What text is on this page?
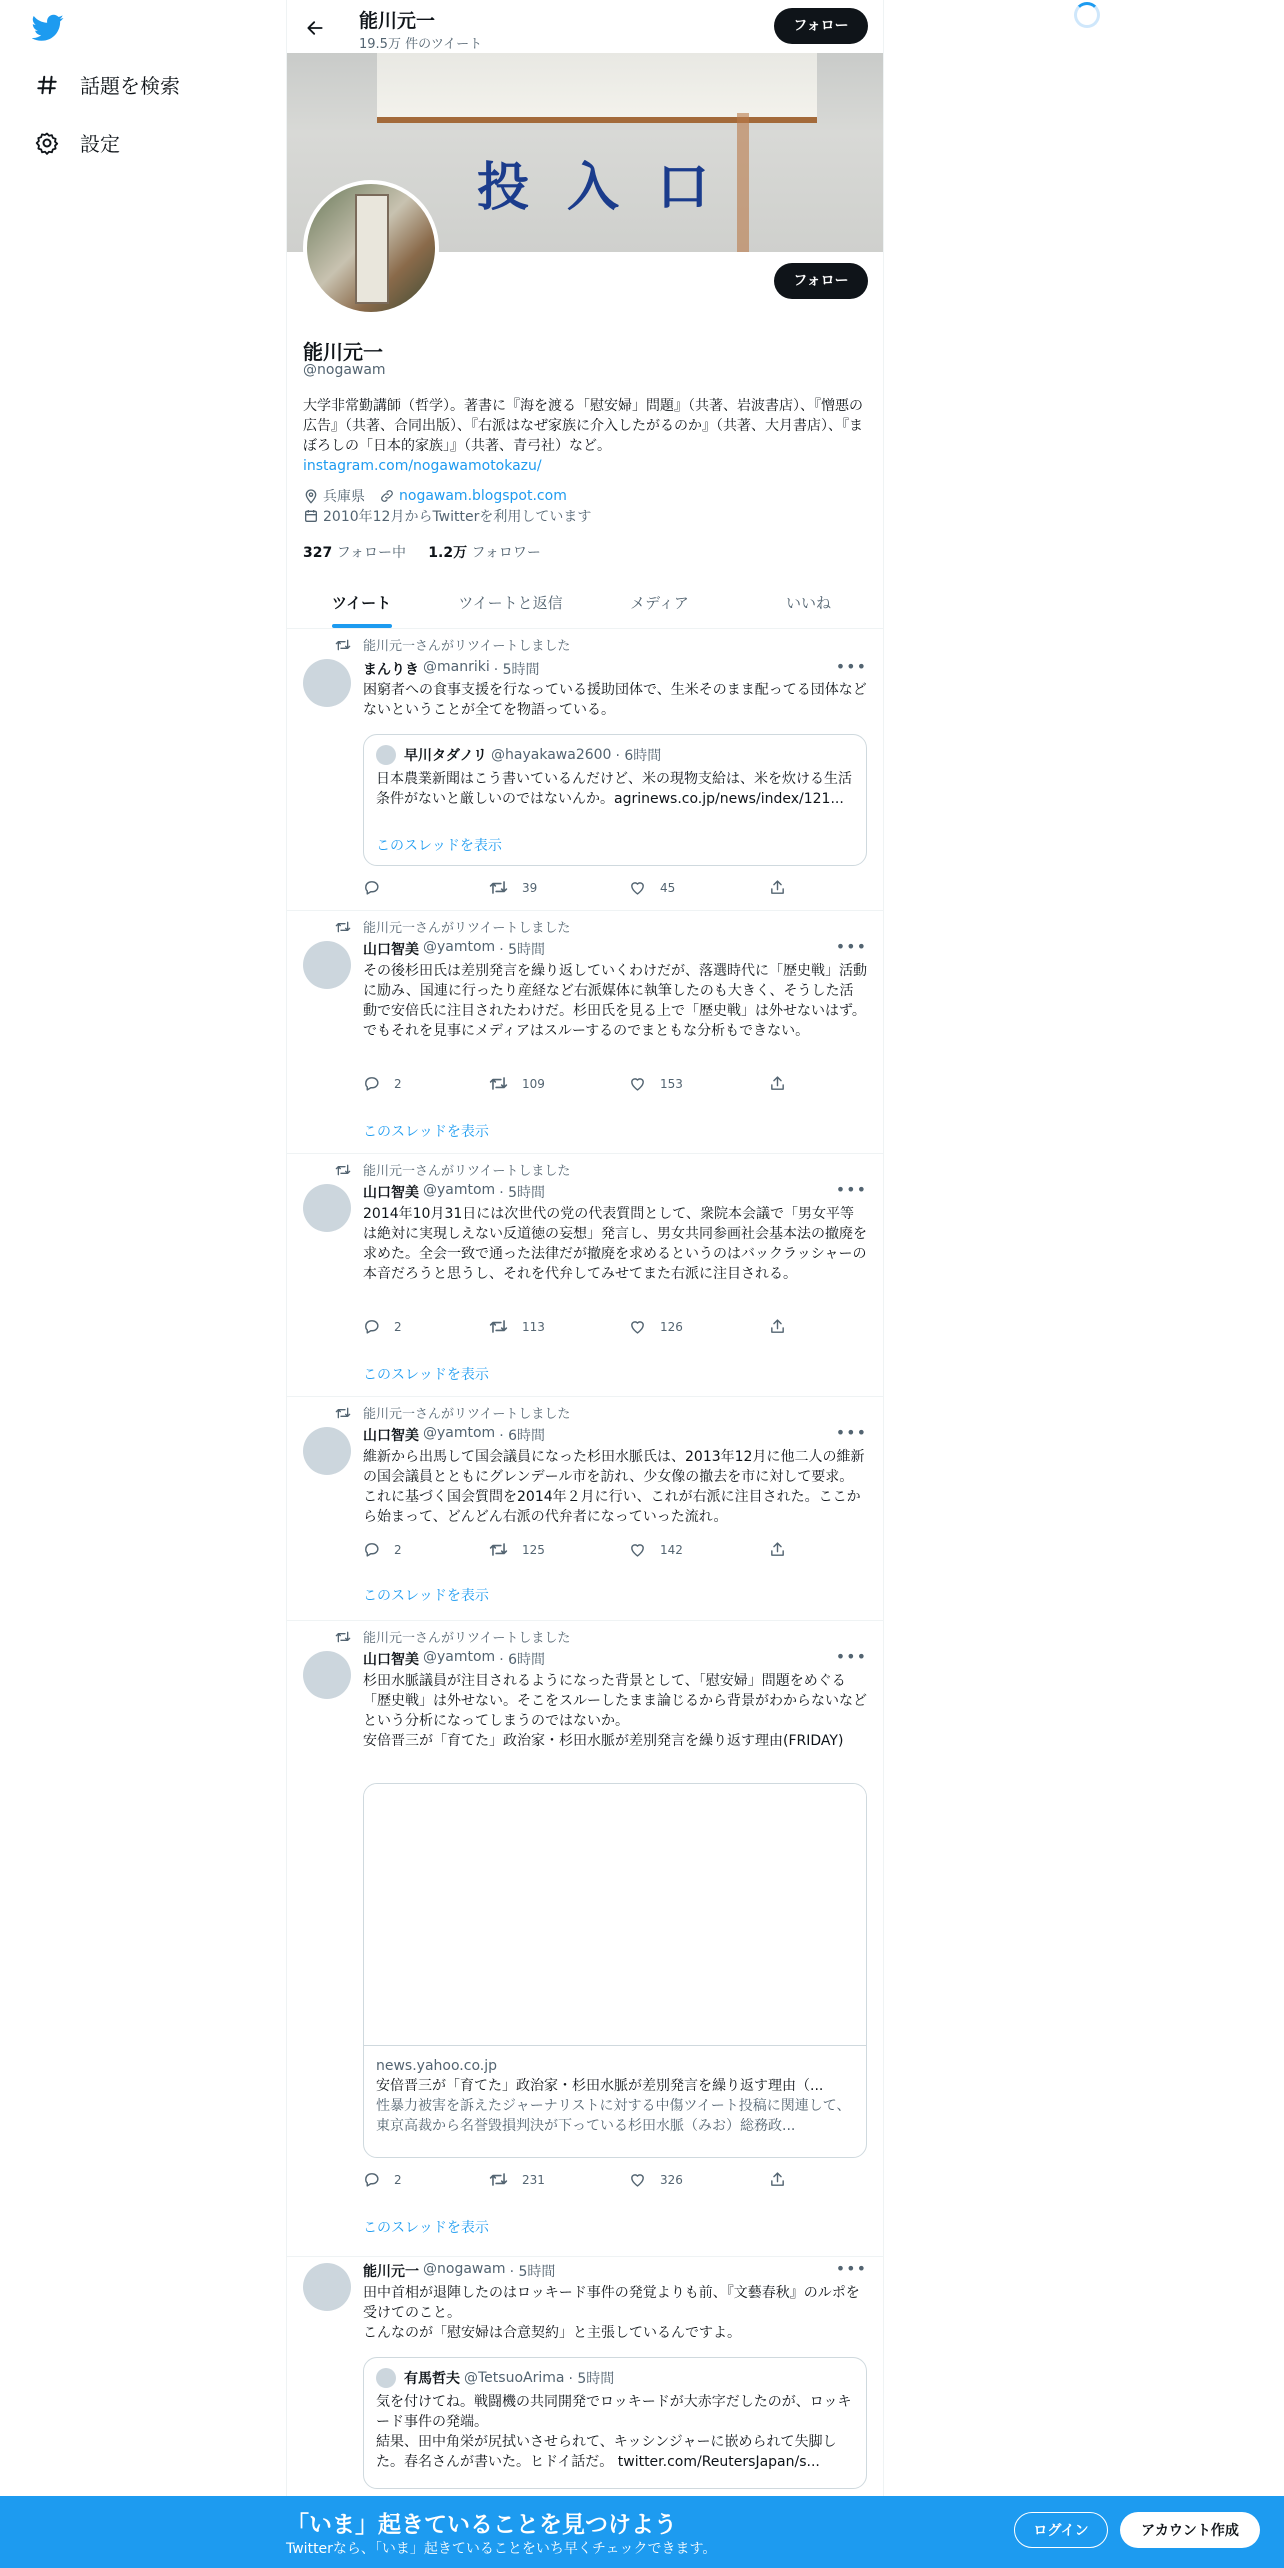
話題を検索
設定
能川元一
19.5万 件のツイート
フォロー
投入口
フォロー
能川元一
@nogawam
大学非常勤講師（哲学）。著書に『海を渡る「慰安婦」問題』（共著、岩波書店）、『憎悪の広告』（共著、合同出版）、『右派はなぜ家族に介入したがるのか』（共著、大月書店）、『まぼろしの「日本的家族」』（共著、青弓社）など。
instagram.com/nogawamotokazu/
兵庫県 nogawam.blogspot.com
2010年12月からTwitterを利用しています
327 フォロー中 1.2万 フォロワー
ツイート	ツイートと返信	メディア	いいね
能川元一さんがリツイートしました
まんりき @manriki · 5時間	•••
困窮者への食事支援を行なっている援助団体で、生米そのまま配ってる団体などないということが全てを物語っている。
早川タダノリ @hayakawa2600 · 6時間
日本農業新聞はこう書いているんだけど、米の現物支給は、米を炊ける生活条件がないと厳しいのではないんか。agrinews.co.jp/news/index/121...
このスレッドを表示
39	45
能川元一さんがリツイートしました
山口智美 @yamtom · 5時間	•••
その後杉田氏は差別発言を繰り返していくわけだが、落選時代に「歴史戦」活動に励み、国連に行ったり産経など右派媒体に執筆したのも大きく、そうした活動で安倍氏に注目されたわけだ。杉田氏を見る上で「歴史戦」は外せないはず。でもそれを見事にメディアはスルーするのでまともな分析もできない。
2	109	153
このスレッドを表示
能川元一さんがリツイートしました
山口智美 @yamtom · 5時間	•••
2014年10月31日には次世代の党の代表質問として、衆院本会議で「男女平等は絶対に実現しえない反道徳の妄想」発言し、男女共同参画社会基本法の撤廃を求めた。全会一致で通った法律だが撤廃を求めるというのはバックラッシャーの本音だろうと思うし、それを代弁してみせてまた右派に注目される。
2	113	126
このスレッドを表示
能川元一さんがリツイートしました
山口智美 @yamtom · 6時間	•••
維新から出馬して国会議員になった杉田水脈氏は、2013年12月に他二人の維新の国会議員とともにグレンデール市を訪れ、少女像の撤去を市に対して要求。これに基づく国会質問を2014年２月に行い、これが右派に注目された。ここから始まって、どんどん右派の代弁者になっていった流れ。
2	125	142
このスレッドを表示
能川元一さんがリツイートしました
山口智美 @yamtom · 6時間	•••
杉田水脈議員が注目されるようになった背景として、「慰安婦」問題をめぐる「歴史戦」は外せない。そこをスルーしたまま論じるから背景がわからないなどという分析になってしまうのではないか。
安倍晋三が「育てた」政治家・杉田水脈が差別発言を繰り返す理由(FRIDAY)
news.yahoo.co.jp
安倍晋三が「育てた」政治家・杉田水脈が差別発言を繰り返す理由（...
性暴力被害を訴えたジャーナリストに対する中傷ツイート投稿に関連して、東京高裁から名誉毀損判決が下っている杉田水脈（みお）総務政...
2	231	326
このスレッドを表示
能川元一 @nogawam · 5時間	•••
田中首相が退陣したのはロッキード事件の発覚よりも前、『文藝春秋』のルポを受けてのこと。
こんなのが「慰安婦は合意契約」と主張しているんですよ。
有馬哲夫 @TetsuoArima · 5時間
気を付けてね。戦闘機の共同開発でロッキードが大赤字だしたのが、ロッキード事件の発端。
結果、田中角栄が尻拭いさせられて、キッシンジャーに嵌められて失脚した。春名さんが書いた。ヒドイ話だ。 twitter.com/ReutersJapan/s...
「いま」起きていることを見つけよう
Twitterなら、「いま」起きていることをいち早くチェックできます。
ログイン	アカウント作成
